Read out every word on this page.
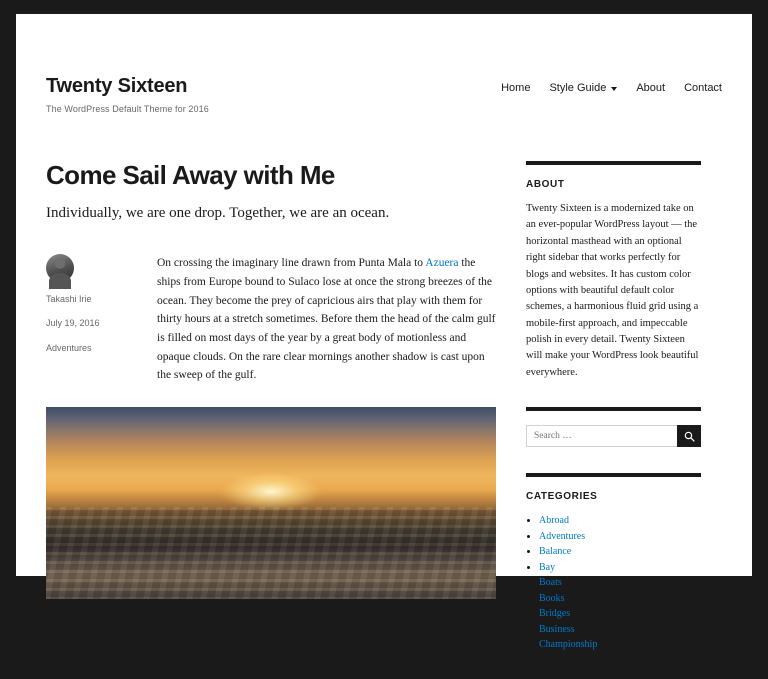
Twenty Sixteen
The WordPress Default Theme for 2016
Home Style Guide	About Contact
Come Sail Away with Me
Individually, we are one drop. Together, we are an ocean.
Takashi Irie
July 19, 2016
Adventures
On crossing the imaginary line drawn from Punta Mala to Azuera the ships from Europe bound to Sulaco lose at once the strong breezes of the ocean. They become the prey of capricious airs that play with them for thirty hours at a stretch sometimes. Before them the head of the calm gulf is filled on most days of the year by a great body of motionless and opaque clouds. On the rare clear mornings another shadow is cast upon the sweep of the gulf.
ABOUT
Twenty Sixteen is a modernized take on an ever-popular WordPress layout — the horizontal masthead with an optional right sidebar that works perfectly for blogs and websites. It has custom color options with beautiful default color schemes, a harmonious fluid grid using a mobile-first approach, and impeccable polish in every detail. Twenty Sixteen will make your WordPress look beautiful everywhere.
Search …
CATEGORIES
• Abroad
• Adventures
• Balance
• Bay
• Boats
• Books
• Bridges
• Business
• Championship
